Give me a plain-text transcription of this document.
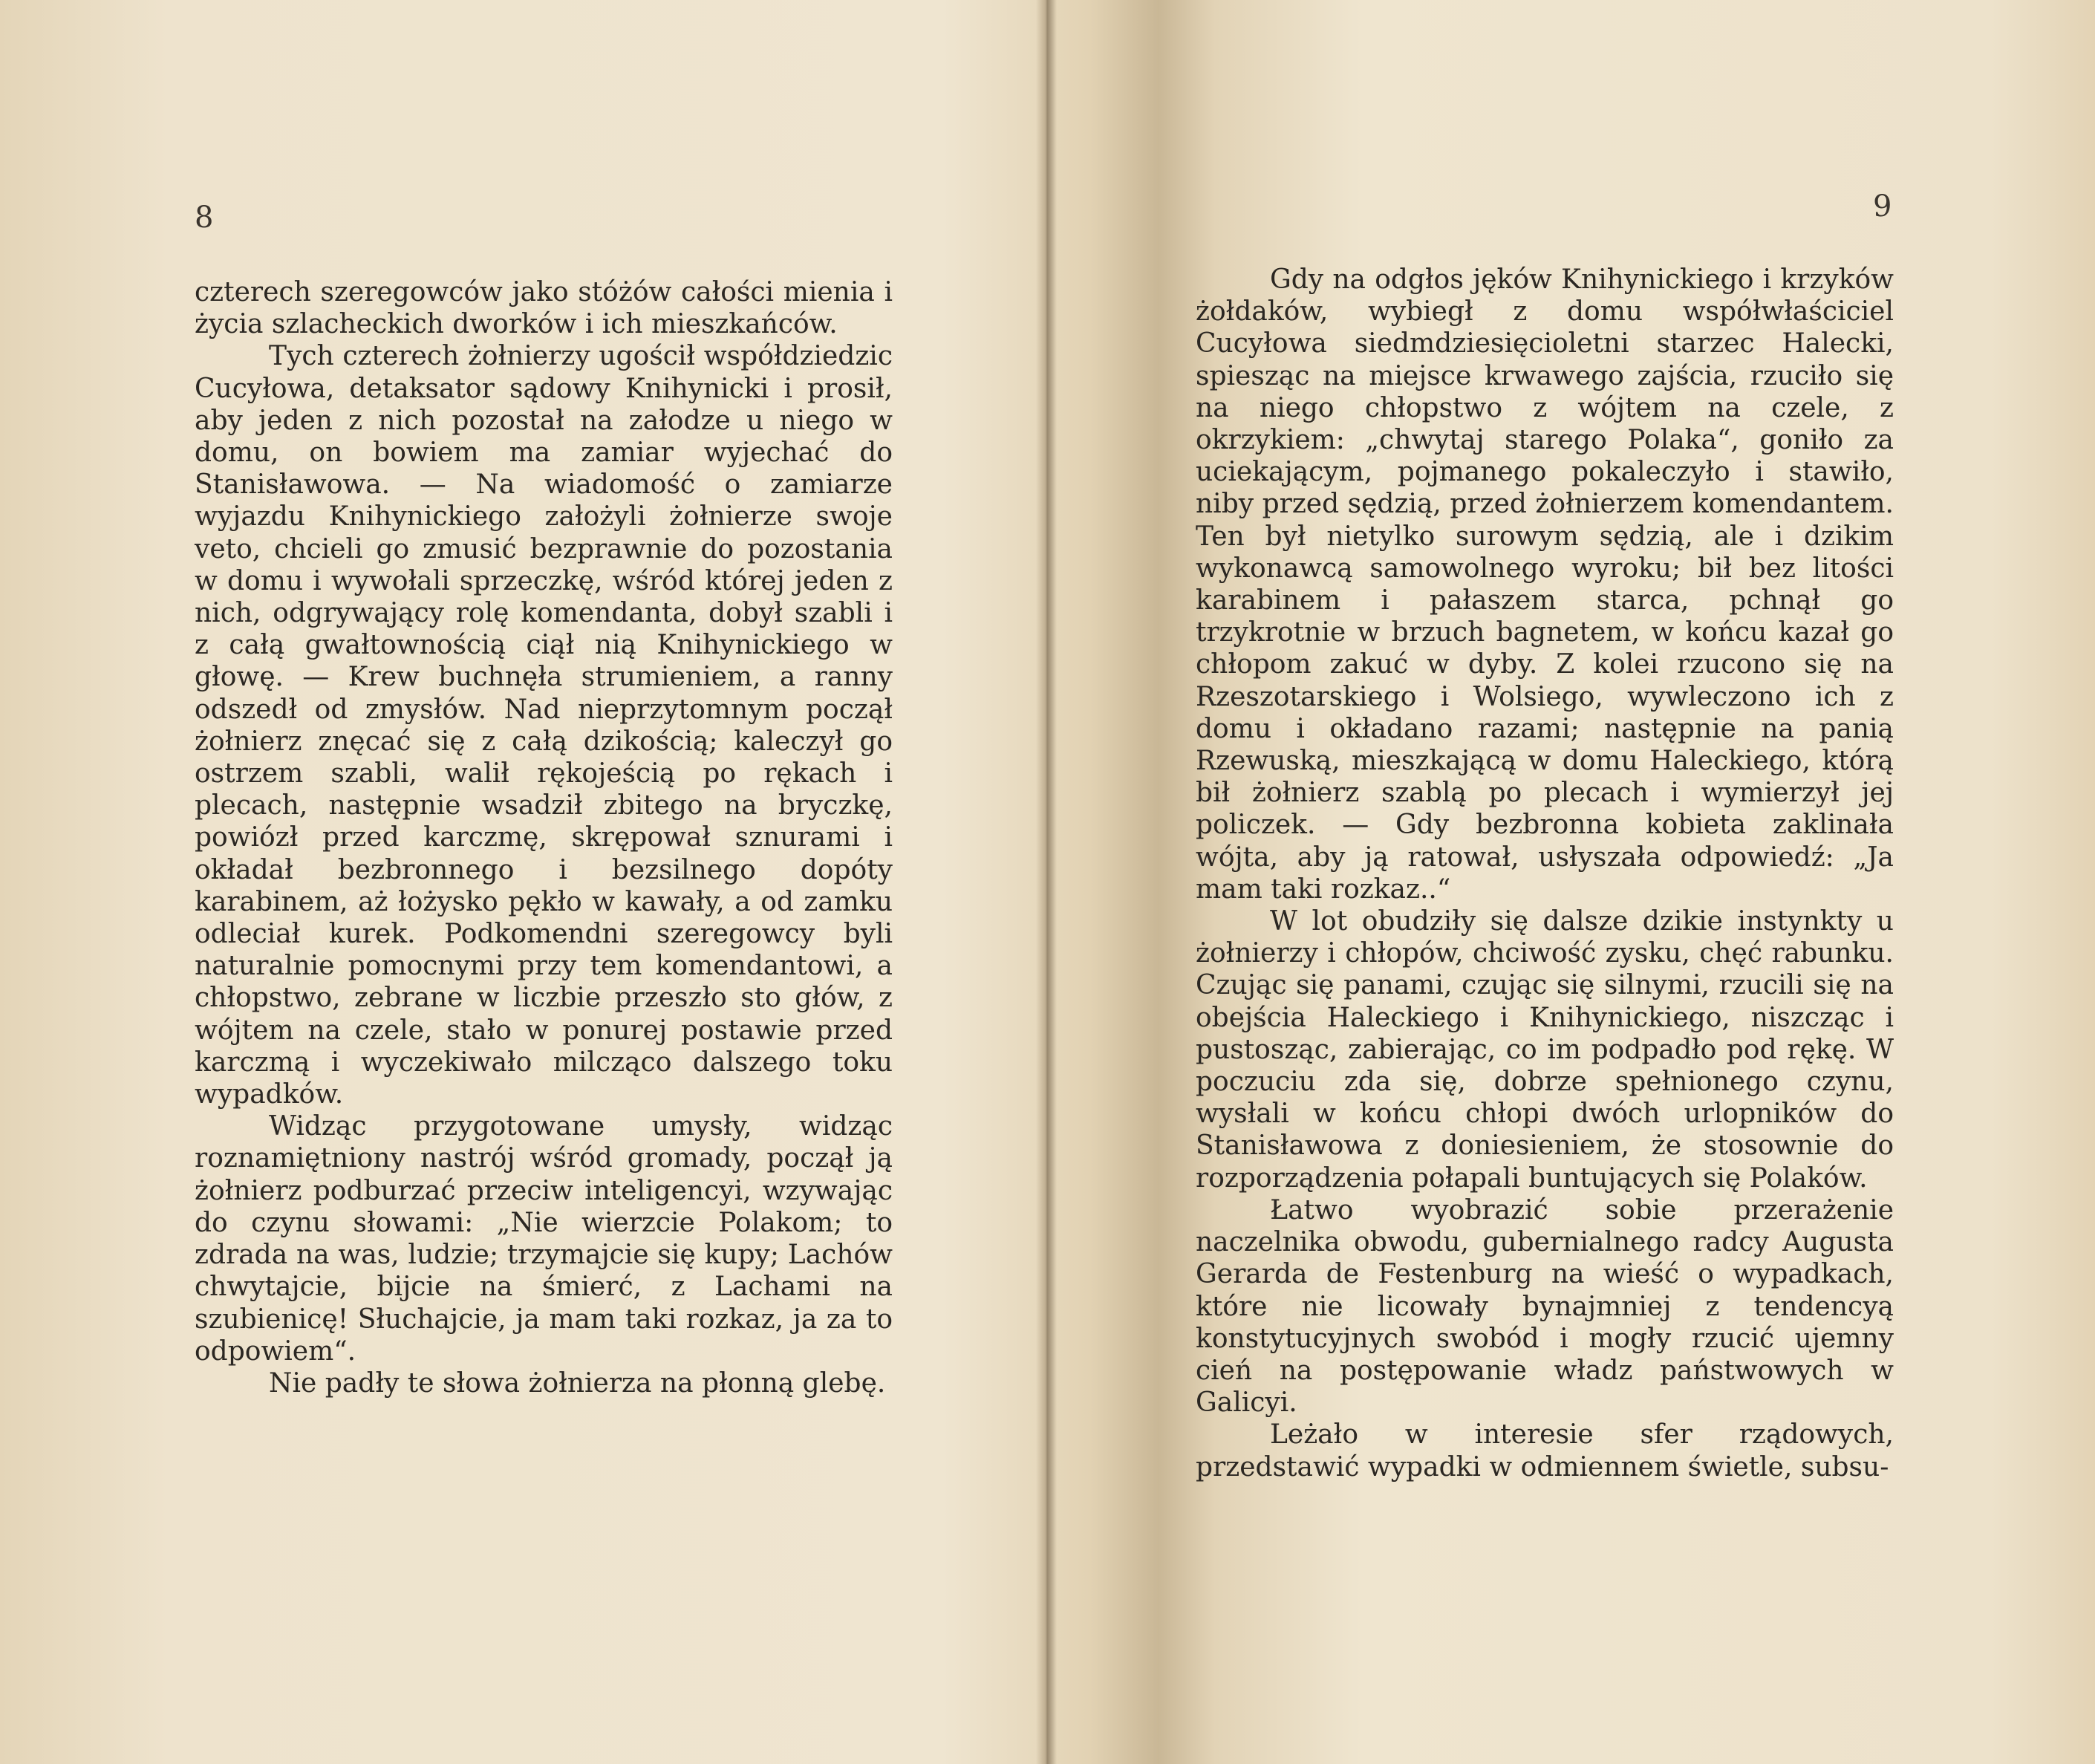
8

czterech szeregowców jako stóżów całości mienia i życia szlacheckich dworków i ich mieszkańców.

Tych czterech żołnierzy ugościł współdziedzic Cucyłowa, detaksator sądowy Knihynicki i prosił, aby jeden z nich pozostał na załodze u niego w domu, on bowiem ma zamiar wyjechać do Stanisławowa. — Na wiadomość o zamiarze wyjazdu Knihynickiego założyli żołnierze swoje veto, chcieli go zmusić bezprawnie do pozostania w domu i wywołali sprzeczkę, wśród której jeden z nich, odgrywający rolę komendanta, dobył szabli i z całą gwałtownością ciął nią Knihynickiego w głowę. — Krew buchnęła strumieniem, a ranny odszedł od zmysłów. Nad nieprzytomnym począł żołnierz znęcać się z całą dzikością; kaleczył go ostrzem szabli, walił rękojeścią po rękach i plecach, następnie wsadził zbitego na bryczkę, powiózł przed karczmę, skrępował sznurami i okładał bezbronnego i bezsilnego dopóty karabinem, aż łożysko pękło w kawały, a od zamku odleciał kurek. Podkomendni szeregowcy byli naturalnie pomocnymi przy tem komendantowi, a chłopstwo, zebrane w liczbie przeszło sto głów, z wójtem na czele, stało w ponurej postawie przed karczmą i wyczekiwało milcząco dalszego toku wypadków.

Widząc przygotowane umysły, widząc roznamiętniony nastrój wśród gromady, począł ją żołnierz podburzać przeciw inteligencyi, wzywając do czynu słowami: „Nie wierzcie Polakom; to zdrada na was, ludzie; trzymajcie się kupy; Lachów chwytajcie, bijcie na śmierć, z Lachami na szubienicę! Słuchajcie, ja mam taki rozkaz, ja za to odpowiem“.

Nie padły te słowa żołnierza na płonną glebę.

9

Gdy na odgłos jęków Knihynickiego i krzyków żołdaków, wybiegł z domu współwłaściciel Cucyłowa siedmdziesięcioletni starzec Halecki, spiesząc na miejsce krwawego zajścia, rzuciło się na niego chłopstwo z wójtem na czele, z okrzykiem: „chwytaj starego Polaka“, goniło za uciekającym, pojmanego pokaleczyło i stawiło, niby przed sędzią, przed żołnierzem komendantem. Ten był nietylko surowym sędzią, ale i dzikim wykonawcą samowolnego wyroku; bił bez litości karabinem i pałaszem starca, pchnął go trzykrotnie w brzuch bagnetem, w końcu kazał go chłopom zakuć w dyby. Z kolei rzucono się na Rzeszotarskiego i Wolsiego, wywleczono ich z domu i okładano razami; następnie na panią Rzewuską, mieszkającą w domu Haleckiego, którą bił żołnierz szablą po plecach i wymierzył jej policzek. — Gdy bezbronna kobieta zaklinała wójta, aby ją ratował, usłyszała odpowiedź: „Ja mam taki rozkaz..“

W lot obudziły się dalsze dzikie instynkty u żołnierzy i chłopów, chciwość zysku, chęć rabunku. Czując się panami, czując się silnymi, rzucili się na obejścia Haleckiego i Knihynickiego, niszcząc i pustosząc, zabierając, co im podpadło pod rękę. W poczuciu zda się, dobrze spełnionego czynu, wysłali w końcu chłopi dwóch urlopników do Stanisławowa z doniesieniem, że stosownie do rozporządzenia połapali buntujących się Polaków.

Łatwo wyobrazić sobie przerażenie naczelnika obwodu, gubernialnego radcy Augusta Gerarda de Festenburg na wieść o wypadkach, które nie licowały bynajmniej z tendencyą konstytucyjnych swobód i mogły rzucić ujemny cień na postępowanie władz państwowych w Galicyi.

Leżało w interesie sfer rządowych, przedstawić wypadki w odmiennem świetle, subsu-
